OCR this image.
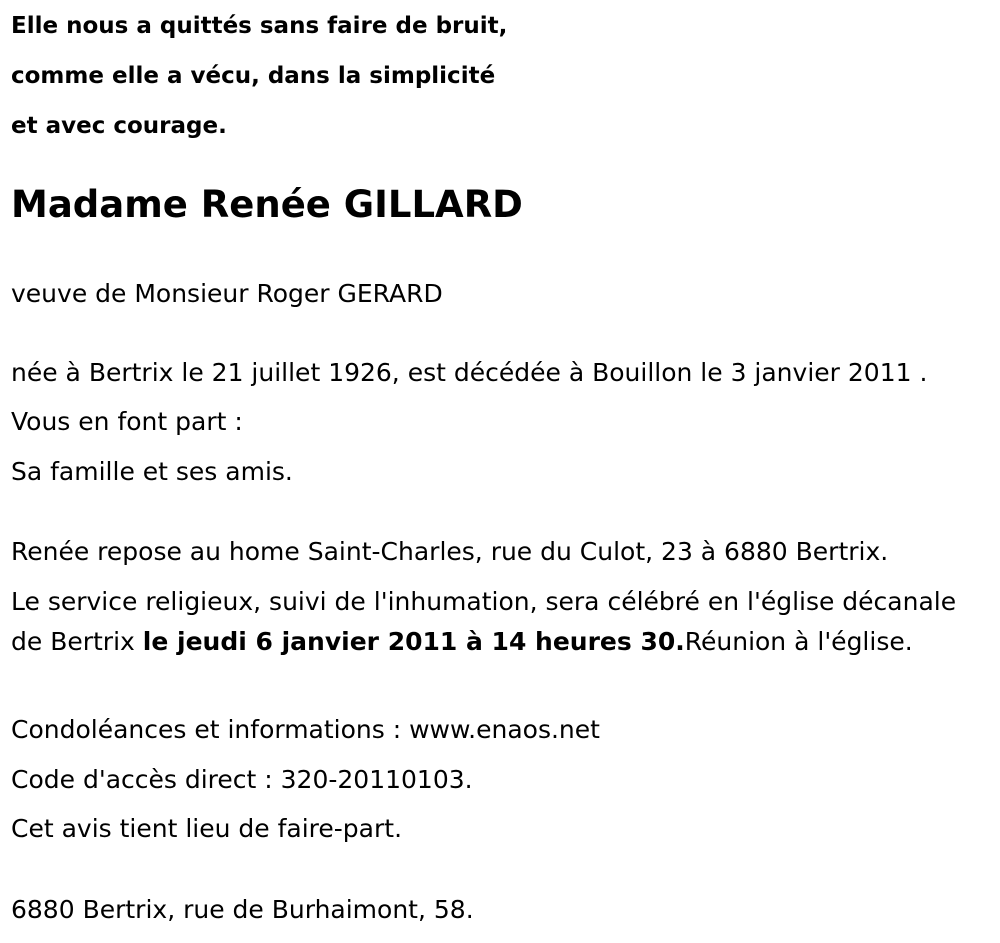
Elle nous a quittés sans faire de bruit,

comme elle a vécu, dans la simplicité

et avec courage.

Madame Renée GILLARD

veuve de Monsieur Roger GERARD

née à Bertrix le 21 juillet 1926, est décédée à Bouillon le 3 janvier 2011 .

Vous en font part :

Sa famille et ses amis.

Renée repose au home Saint-Charles, rue du Culot, 23 à 6880 Bertrix.

Le service religieux, suivi de l'inhumation, sera célébré en l'église décanale de Bertrix le jeudi 6 janvier 2011 à 14 heures 30.Réunion à l'église.

Condoléances et informations : www.enaos.net

Code d'accès direct : 320-20110103.

Cet avis tient lieu de faire-part.

6880 Bertrix, rue de Burhaimont, 58.
